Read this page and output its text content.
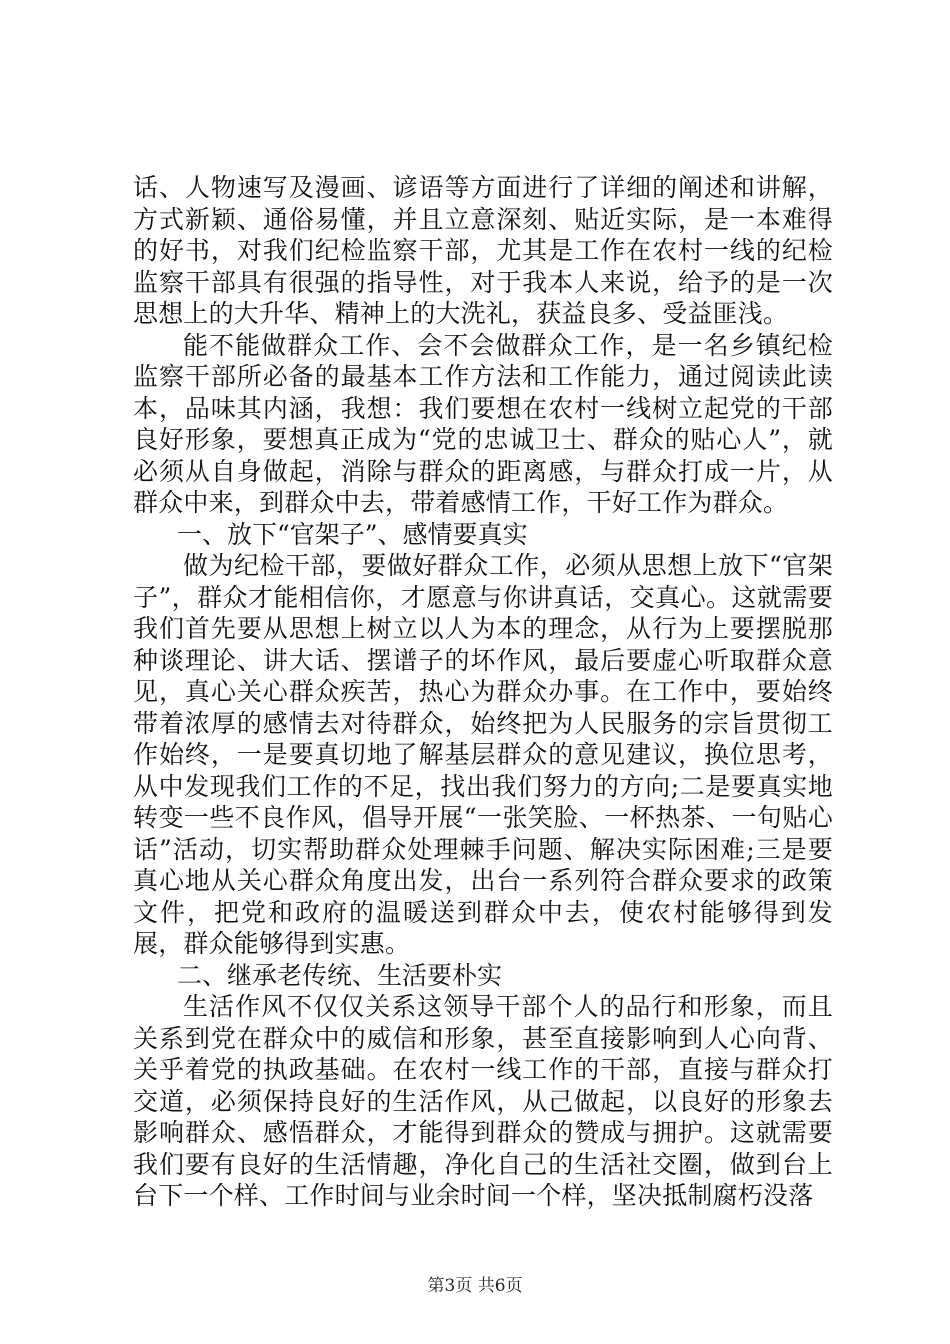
话、人物速写及漫画、谚语等方面进行了详细的阐述和讲解，方式新颖、通俗易懂，并且立意深刻、贴近实际，是一本难得的好书，对我们纪检监察干部，尤其是工作在农村一线的纪检监察干部具有很强的指导性，对于我本人来说，给予的是一次思想上的大升华、精神上的大洗礼，获益良多、受益匪浅。

能不能做群众工作、会不会做群众工作，是一名乡镇纪检监察干部所必备的最基本工作方法和工作能力，通过阅读此读本，品味其内涵，我想：我们要想在农村一线树立起党的干部良好形象，要想真正成为“党的忠诚卫士、群众的贴心人”，就必须从自身做起，消除与群众的距离感，与群众打成一片，从群众中来，到群众中去，带着感情工作，干好工作为群众。

一、放下“官架子”、感情要真实

做为纪检干部，要做好群众工作，必须从思想上放下“官架子”，群众才能相信你，才愿意与你讲真话，交真心。这就需要我们首先要从思想上树立以人为本的理念，从行为上要摆脱那种谈理论、讲大话、摆谱子的坏作风，最后要虚心听取群众意见，真心关心群众疾苦，热心为群众办事。在工作中，要始终带着浓厚的感情去对待群众，始终把为人民服务的宗旨贯彻工作始终，一是要真切地了解基层群众的意见建议，换位思考，从中发现我们工作的不足，找出我们努力的方向;二是要真实地转变一些不良作风，倡导开展“一张笑脸、一杯热茶、一句贴心话”活动，切实帮助群众处理棘手问题、解决实际困难;三是要真心地从关心群众角度出发，出台一系列符合群众要求的政策文件，把党和政府的温暖送到群众中去，使农村能够得到发展，群众能够得到实惠。

二、继承老传统、生活要朴实

生活作风不仅仅关系这领导干部个人的品行和形象，而且关系到党在群众中的威信和形象，甚至直接影响到人心向背、关乎着党的执政基础。在农村一线工作的干部，直接与群众打交道，必须保持良好的生活作风，从己做起，以良好的形象去影响群众、感悟群众，才能得到群众的赞成与拥护。这就需要我们要有良好的生活情趣，净化自己的生活社交圈，做到台上台下一个样、工作时间与业余时间一个样，坚决抵制腐朽没落

第3页 共6页
